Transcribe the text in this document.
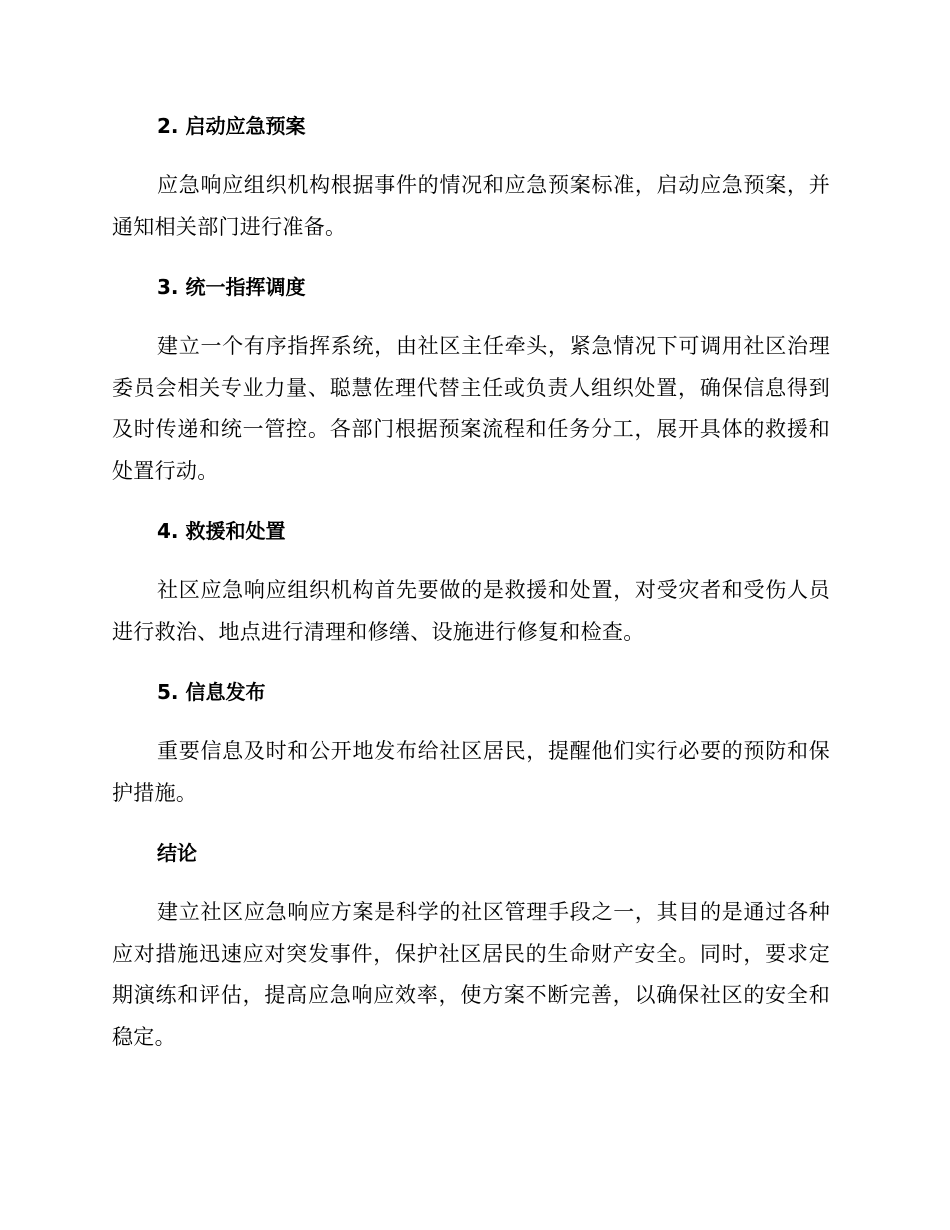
2. 启动应急预案

应急响应组织机构根据事件的情况和应急预案标准，启动应急预案，并通知相关部门进行准备。

3. 统一指挥调度

建立一个有序指挥系统，由社区主任牵头，紧急情况下可调用社区治理委员会相关专业力量、聪慧佐理代替主任或负责人组织处置，确保信息得到及时传递和统一管控。各部门根据预案流程和任务分工，展开具体的救援和处置行动。

4. 救援和处置

社区应急响应组织机构首先要做的是救援和处置，对受灾者和受伤人员进行救治、地点进行清理和修缮、设施进行修复和检查。

5. 信息发布

重要信息及时和公开地发布给社区居民，提醒他们实行必要的预防和保护措施。

结论

建立社区应急响应方案是科学的社区管理手段之一，其目的是通过各种应对措施迅速应对突发事件，保护社区居民的生命财产安全。同时，要求定期演练和评估，提高应急响应效率，使方案不断完善，以确保社区的安全和稳定。
